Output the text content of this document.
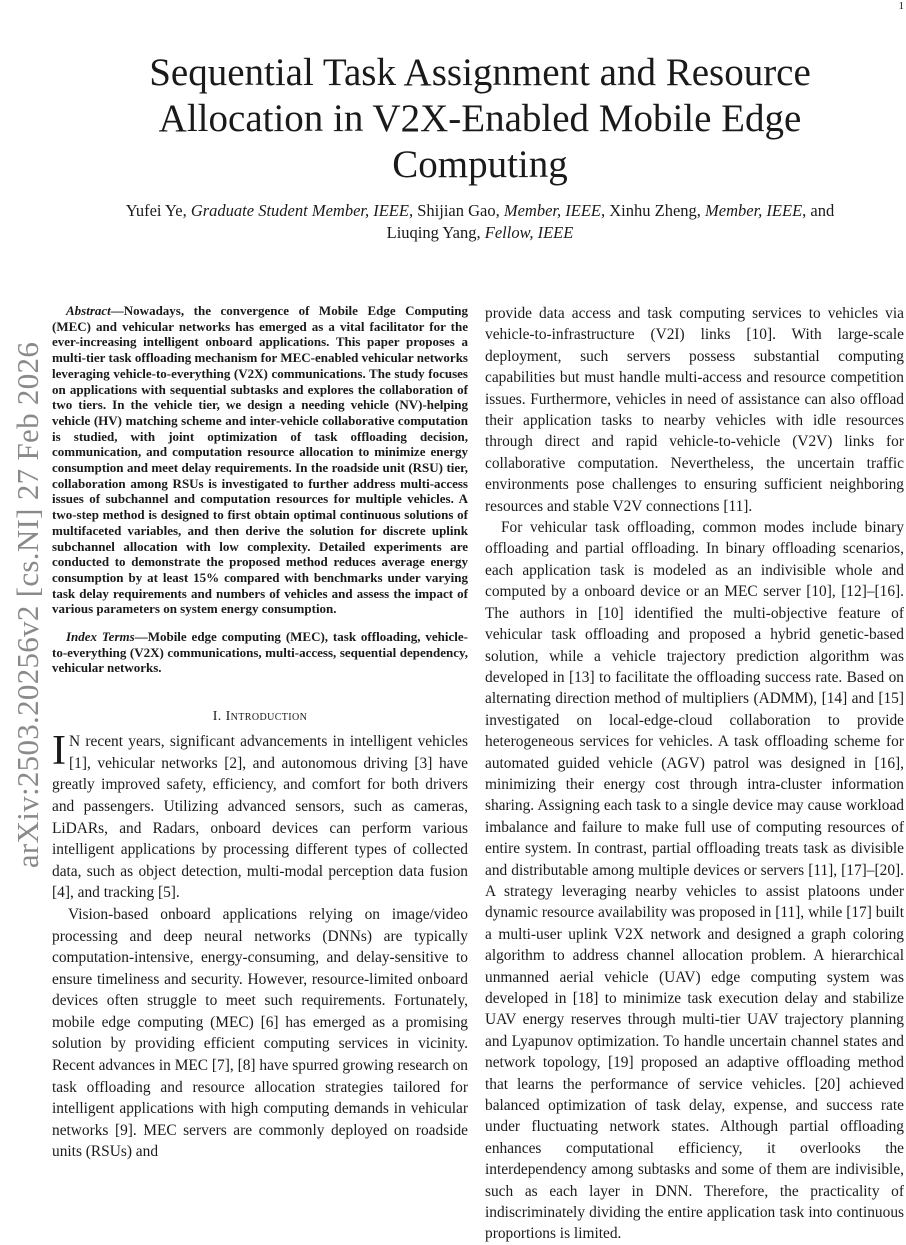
1
arXiv:2503.20256v2 [cs.NI] 27 Feb 2026
Sequential Task Assignment and Resource Allocation in V2X-Enabled Mobile Edge Computing
Yufei Ye, Graduate Student Member, IEEE, Shijian Gao, Member, IEEE, Xinhu Zheng, Member, IEEE, and
Liuqing Yang, Fellow, IEEE

Abstract—Nowadays, the convergence of Mobile Edge Computing (MEC) and vehicular networks has emerged as a vital facilitator for the ever-increasing intelligent onboard applications. This paper proposes a multi-tier task offloading mechanism for MEC-enabled vehicular networks leveraging vehicle-to-everything (V2X) communications. The study focuses on applications with sequential subtasks and explores the collaboration of two tiers. In the vehicle tier, we design a needing vehicle (NV)-helping vehicle (HV) matching scheme and inter-vehicle collaborative computation is studied, with joint optimization of task offloading decision, communication, and computation resource allocation to minimize energy consumption and meet delay requirements. In the roadside unit (RSU) tier, collaboration among RSUs is investigated to further address multi-access issues of subchannel and computation resources for multiple vehicles. A two-step method is designed to first obtain optimal continuous solutions of multifaceted variables, and then derive the solution for discrete uplink subchannel allocation with low complexity. Detailed experiments are conducted to demonstrate the proposed method reduces average energy consumption by at least 15% compared with benchmarks under varying task delay requirements and numbers of vehicles and assess the impact of various parameters on system energy consumption.

Index Terms—Mobile edge computing (MEC), task offloading, vehicle-to-everything (V2X) communications, multi-access, sequential dependency, vehicular networks.

I. Introduction

I N recent years, significant advancements in intelligent vehicles [1], vehicular networks [2], and autonomous driving [3] have greatly improved safety, efficiency, and comfort for both drivers and passengers. Utilizing advanced sensors, such as cameras, LiDARs, and Radars, onboard devices can perform various intelligent applications by processing different types of collected data, such as object detection, multi-modal perception data fusion [4], and tracking [5].

Vision-based onboard applications relying on image/video processing and deep neural networks (DNNs) are typically computation-intensive, energy-consuming, and delay-sensitive to ensure timeliness and security. However, resource-limited onboard devices often struggle to meet such requirements. Fortunately, mobile edge computing (MEC) [6] has emerged as a promising solution by providing efficient computing services in vicinity. Recent advances in MEC [7], [8] have spurred growing research on task offloading and resource allocation strategies tailored for intelligent applications with high computing demands in vehicular networks [9]. MEC servers are commonly deployed on roadside units (RSUs) and

provide data access and task computing services to vehicles via vehicle-to-infrastructure (V2I) links [10]. With large-scale deployment, such servers possess substantial computing capabilities but must handle multi-access and resource competition issues. Furthermore, vehicles in need of assistance can also offload their application tasks to nearby vehicles with idle resources through direct and rapid vehicle-to-vehicle (V2V) links for collaborative computation. Nevertheless, the uncertain traffic environments pose challenges to ensuring sufficient neighboring resources and stable V2V connections [11].

For vehicular task offloading, common modes include binary offloading and partial offloading. In binary offloading scenarios, each application task is modeled as an indivisible whole and computed by a onboard device or an MEC server [10], [12]–[16]. The authors in [10] identified the multi-objective feature of vehicular task offloading and proposed a hybrid genetic-based solution, while a vehicle trajectory prediction algorithm was developed in [13] to facilitate the offloading success rate. Based on alternating direction method of multipliers (ADMM), [14] and [15] investigated on local-edge-cloud collaboration to provide heterogeneous services for vehicles. A task offloading scheme for automated guided vehicle (AGV) patrol was designed in [16], minimizing their energy cost through intra-cluster information sharing. Assigning each task to a single device may cause workload imbalance and failure to make full use of computing resources of entire system. In contrast, partial offloading treats task as divisible and distributable among multiple devices or servers [11], [17]–[20]. A strategy leveraging nearby vehicles to assist platoons under dynamic resource availability was proposed in [11], while [17] built a multi-user uplink V2X network and designed a graph coloring algorithm to address channel allocation problem. A hierarchical unmanned aerial vehicle (UAV) edge computing system was developed in [18] to minimize task execution delay and stabilize UAV energy reserves through multi-tier UAV trajectory planning and Lyapunov optimization. To handle uncertain channel states and network topology, [19] proposed an adaptive offloading method that learns the performance of service vehicles. [20] achieved balanced optimization of task delay, expense, and success rate under fluctuating network states. Although partial offloading enhances computational efficiency, it overlooks the interdependency among subtasks and some of them are indivisible, such as each layer in DNN. Therefore, the practicality of indiscriminately dividing the entire application task into continuous proportions is limited.
